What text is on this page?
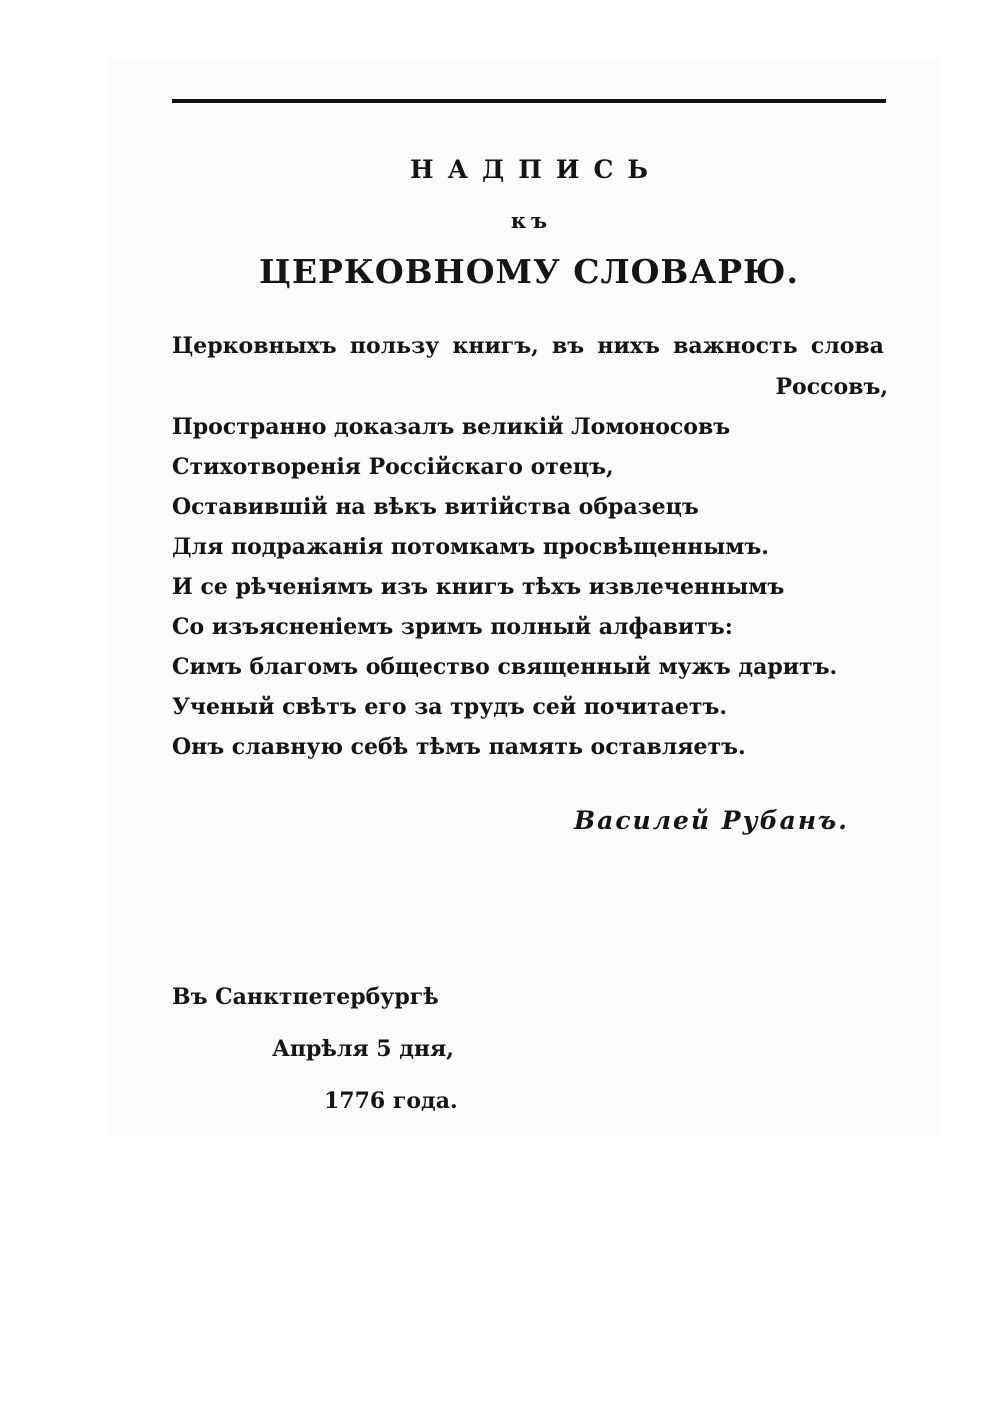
НАДПИСЬ
къ
ЦЕРКОВНОМУ СЛОВАРЮ.
Церковныхъ пользу книгъ, въ нихъ важность слова
Россовъ,
Пространно доказалъ великій Ломоносовъ
Стихотворенія Россійскаго отецъ,
Оставившій на вѣкъ витійства образецъ
Для подражанія потомкамъ просвѣщеннымъ.
И се рѣченіямъ изъ книгъ тѣхъ извлеченнымъ
Со изъясненіемъ зримъ полный алфавитъ:
Симъ благомъ общество священный мужъ даритъ.
Ученый свѣтъ его за трудъ сей почитаетъ.
Онъ славную себѣ тѣмъ память оставляетъ.
Василей Рубанъ.
Въ Санктпетербургѣ
Апрѣля 5 дня,
1776 года.
